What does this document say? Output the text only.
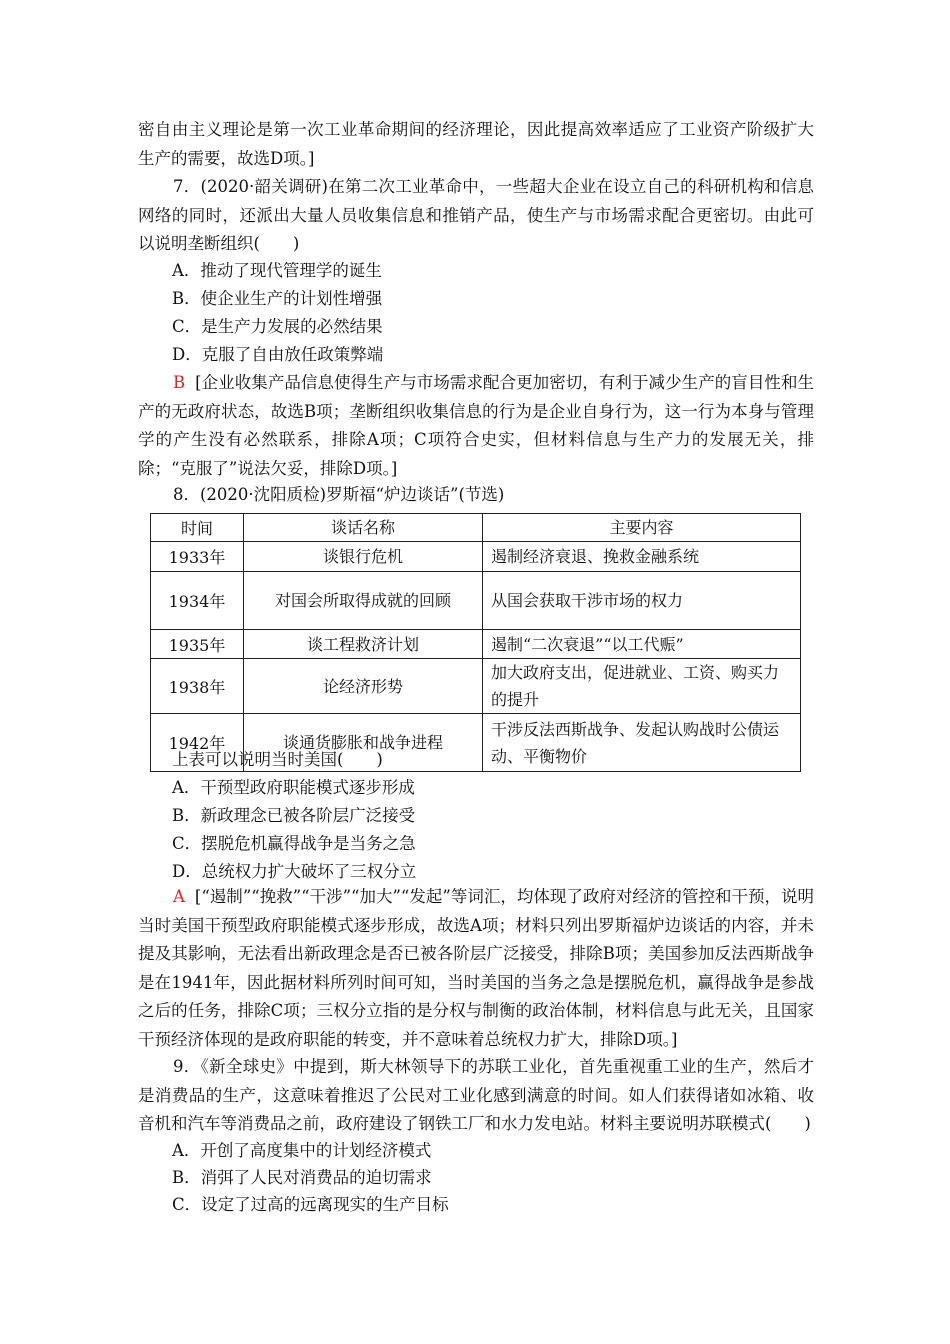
密自由主义理论是第一次工业革命期间的经济理论，因此提高效率适应了工业资产阶级扩大生产的需要，故选D项。]

7．(2020·韶关调研)在第二次工业革命中，一些超大企业在设立自己的科研机构和信息网络的同时，还派出大量人员收集信息和推销产品，使生产与市场需求配合更密切。由此可以说明垄断组织(　　)

A．推动了现代管理学的诞生

B．使企业生产的计划性增强

C．是生产力发展的必然结果

D．克服了自由放任政策弊端

B [企业收集产品信息使得生产与市场需求配合更加密切，有利于减少生产的盲目性和生产的无政府状态，故选B项；垄断组织收集信息的行为是企业自身行为，这一行为本身与管理学的产生没有必然联系，排除A项；C项符合史实，但材料信息与生产力的发展无关，排除；“克服了”说法欠妥，排除D项。]

8．(2020·沈阳质检)罗斯福“炉边谈话”(节选)

时间	谈话名称	主要内容
1933年	谈银行危机	遏制经济衰退、挽救金融系统
1934年	对国会所取得成就的回顾	从国会获取干涉市场的权力
1935年	谈工程救济计划	遏制“二次衰退”“以工代赈”
1938年	论经济形势	加大政府支出，促进就业、工资、购买力的提升
1942年	谈通货膨胀和战争进程	干涉反法西斯战争、发起认购战时公债运动、平衡物价

上表可以说明当时美国(　　)

A．干预型政府职能模式逐步形成

B．新政理念已被各阶层广泛接受

C．摆脱危机赢得战争是当务之急

D．总统权力扩大破坏了三权分立

A [“遏制”“挽救”“干涉”“加大”“发起”等词汇，均体现了政府对经济的管控和干预，说明当时美国干预型政府职能模式逐步形成，故选A项；材料只列出罗斯福炉边谈话的内容，并未提及其影响，无法看出新政理念是否已被各阶层广泛接受，排除B项；美国参加反法西斯战争是在1941年，因此据材料所列时间可知，当时美国的当务之急是摆脱危机，赢得战争是参战之后的任务，排除C项；三权分立指的是分权与制衡的政治体制，材料信息与此无关，且国家干预经济体现的是政府职能的转变，并不意味着总统权力扩大，排除D项。]

9．《新全球史》中提到，斯大林领导下的苏联工业化，首先重视重工业的生产，然后才是消费品的生产，这意味着推迟了公民对工业化感到满意的时间。如人们获得诸如冰箱、收音机和汽车等消费品之前，政府建设了钢铁工厂和水力发电站。材料主要说明苏联模式(　　)

A．开创了高度集中的计划经济模式

B．消弭了人民对消费品的迫切需求

C．设定了过高的远离现实的生产目标
